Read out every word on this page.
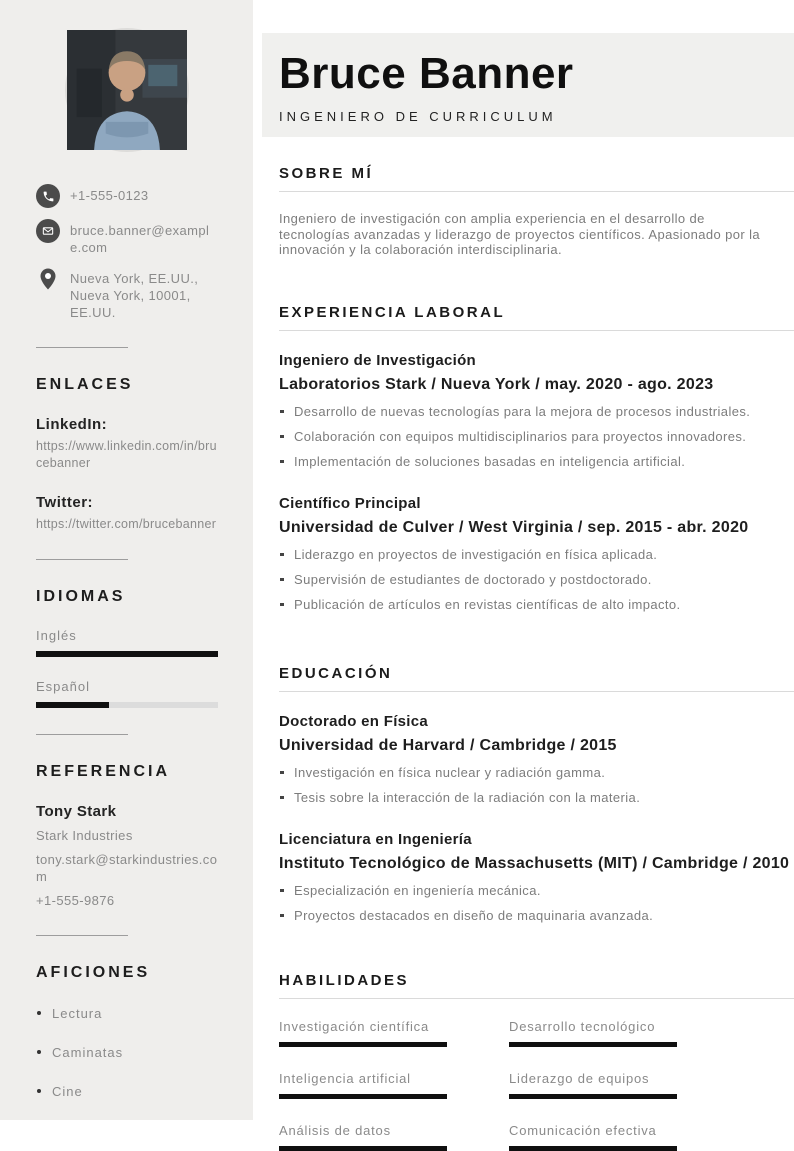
+1-555-0123
bruce.banner@example.com
Nueva York, EE.UU., Nueva York, 10001, EE.UU.
ENLACES
LinkedIn:
https://www.linkedin.com/in/brucebanner
Twitter:
https://twitter.com/brucebanner
IDIOMAS
Inglés
Español
REFERENCIA
Tony Stark
Stark Industries
tony.stark@starkindustries.com
+1-555-9876
AFICIONES
Lectura
Caminatas
Cine
Bruce Banner
INGENIERO DE CURRICULUM
SOBRE MÍ

Ingeniero de investigación con amplia experiencia en el desarrollo de tecnologías avanzadas y liderazgo de proyectos científicos. Apasionado por la innovación y la colaboración interdisciplinaria.

EXPERIENCIA LABORAL
Ingeniero de Investigación
Laboratorios Stark / Nueva York / may. 2020 - ago. 2023
Desarrollo de nuevas tecnologías para la mejora de procesos industriales.
Colaboración con equipos multidisciplinarios para proyectos innovadores.
Implementación de soluciones basadas en inteligencia artificial.
Científico Principal
Universidad de Culver / West Virginia / sep. 2015 - abr. 2020
Liderazgo en proyectos de investigación en física aplicada.
Supervisión de estudiantes de doctorado y postdoctorado.
Publicación de artículos en revistas científicas de alto impacto.
EDUCACIÓN
Doctorado en Física
Universidad de Harvard / Cambridge / 2015
Investigación en física nuclear y radiación gamma.
Tesis sobre la interacción de la radiación con la materia.
Licenciatura en Ingeniería
Instituto Tecnológico de Massachusetts (MIT) / Cambridge / 2010
Especialización en ingeniería mecánica.
Proyectos destacados en diseño de maquinaria avanzada.
HABILIDADES
Investigación científica	Desarrollo tecnológico
Inteligencia artificial	Liderazgo de equipos
Análisis de datos	Comunicación efectiva
